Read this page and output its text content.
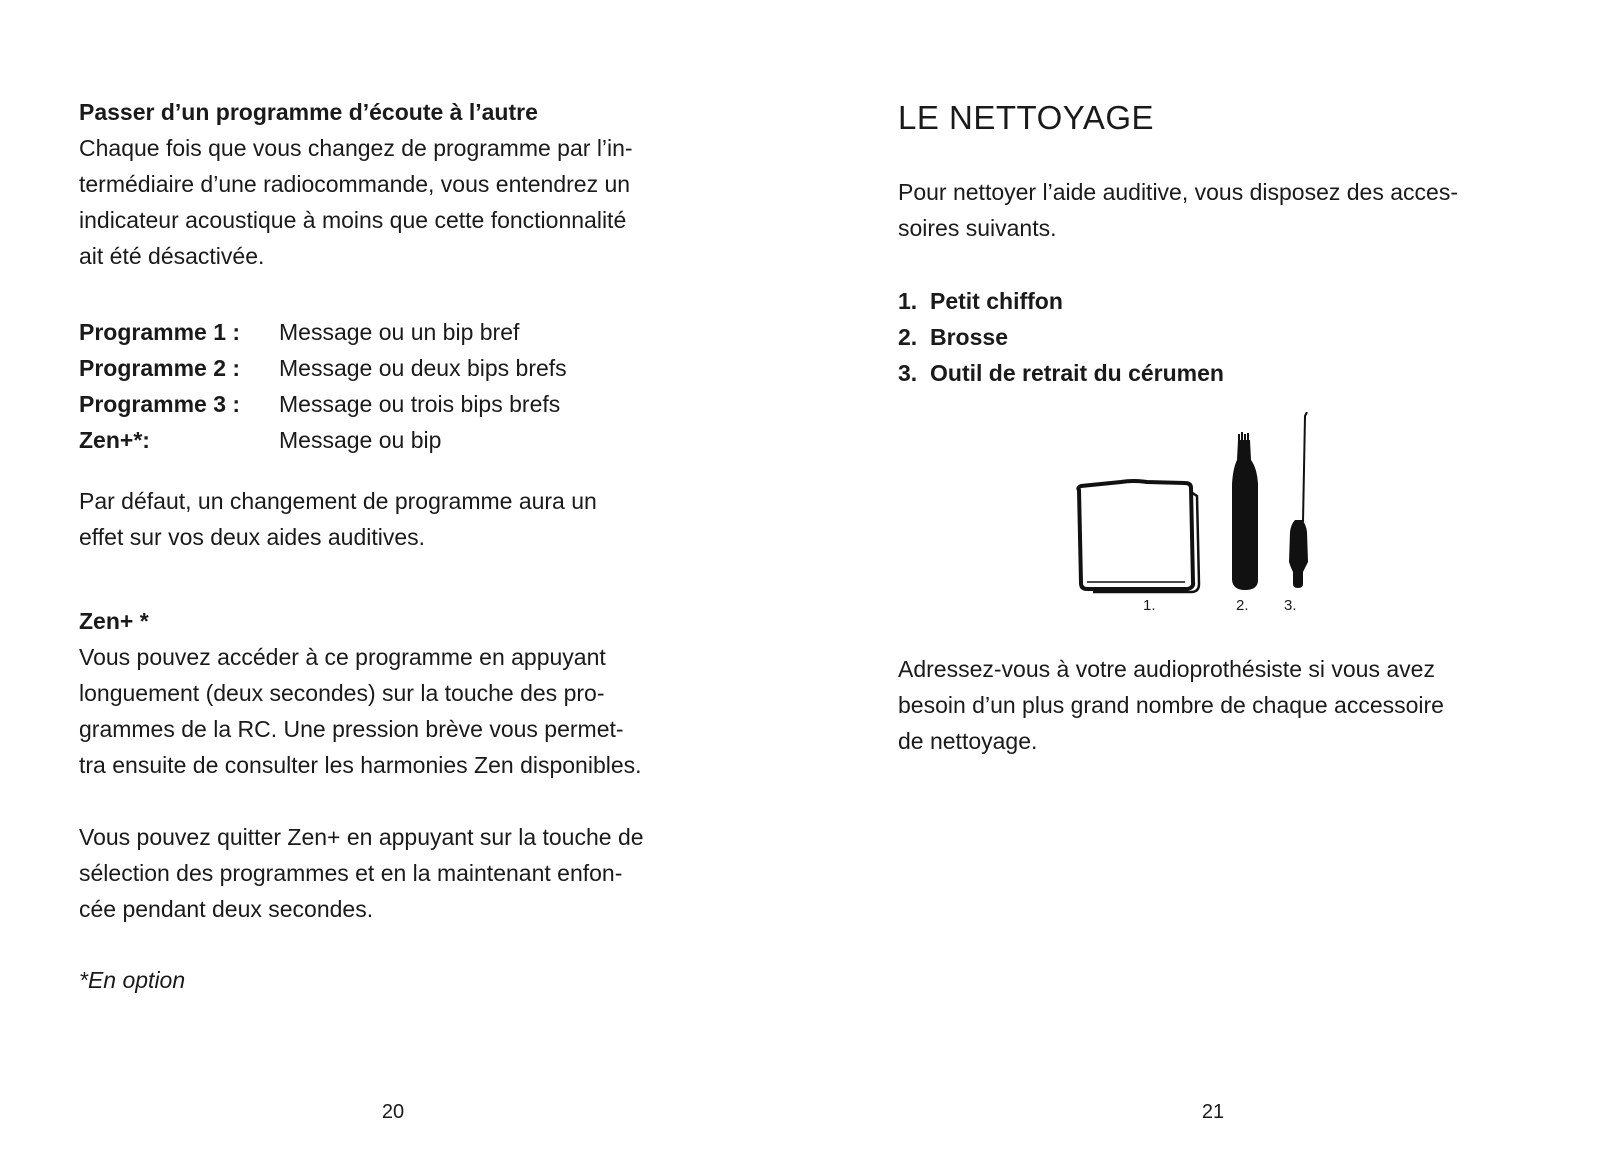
Passer d’un programme d’écoute à l’autre

Chaque fois que vous changez de programme par l’in-
termédiaire d’une radiocommande, vous entendrez un
indicateur acoustique à moins que cette fonctionnalité
ait été désactivée.

Programme 1 :	Message ou un bip bref
Programme 2 :	Message ou deux bips brefs
Programme 3 :	Message ou trois bips brefs
Zen+*:	Message ou bip

Par défaut, un changement de programme aura un
effet sur vos deux aides auditives.

Zen+ *

Vous pouvez accéder à ce programme en appuyant
longuement (deux secondes) sur la touche des pro-
grammes de la RC. Une pression brève vous permet-
tra ensuite de consulter les harmonies Zen disponibles.

Vous pouvez quitter Zen+ en appuyant sur la touche de
sélection des programmes et en la maintenant enfon-
cée pendant deux secondes.

*En option
20
LE NETTOYAGE

Pour nettoyer l’aide auditive, vous disposez des acces-
soires suivants.

1. Petit chiffon
2. Brosse
3. Outil de retrait du cérumen
1.	2. 3.

Adressez-vous à votre audioprothésiste si vous avez
besoin d’un plus grand nombre de chaque accessoire
de nettoyage.

21
